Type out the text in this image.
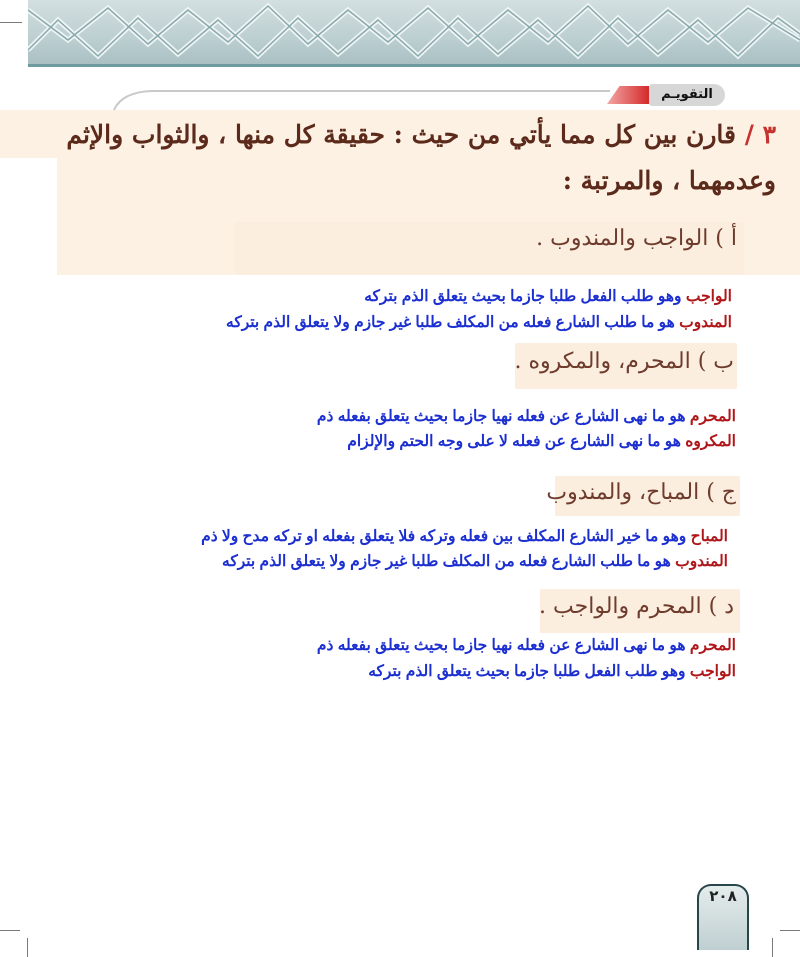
التقويـم
٣ / قارن بين كل مما يأتي من حيث : حقيقة كل منها ، والثواب والإثم وعدمهما ، والمرتبة :
أ ) الواجب والمندوب .
الواجب وهو طلب الفعل طلبا جازما بحيث يتعلق الذم بتركه
المندوب هو ما طلب الشارع فعله من المكلف طلبا غير جازم ولا يتعلق الذم بتركه
ب ) المحرم، والمكروه .
المحرم هو ما نهى الشارع عن فعله نهيا جازما بحيث يتعلق بفعله ذم
المكروه هو ما نهى الشارع عن فعله لا على وجه الحتم والإلزام
ج ) المباح، والمندوب
المباح وهو ما خير الشارع المكلف بين فعله وتركه فلا يتعلق بفعله او تركه مدح ولا ذم
المندوب هو ما طلب الشارع فعله من المكلف طلبا غير جازم ولا يتعلق الذم بتركه
د ) المحرم والواجب .
المحرم هو ما نهى الشارع عن فعله نهيا جازما بحيث يتعلق بفعله ذم
الواجب وهو طلب الفعل طلبا جازما بحيث يتعلق الذم بتركه
٢٠٨
